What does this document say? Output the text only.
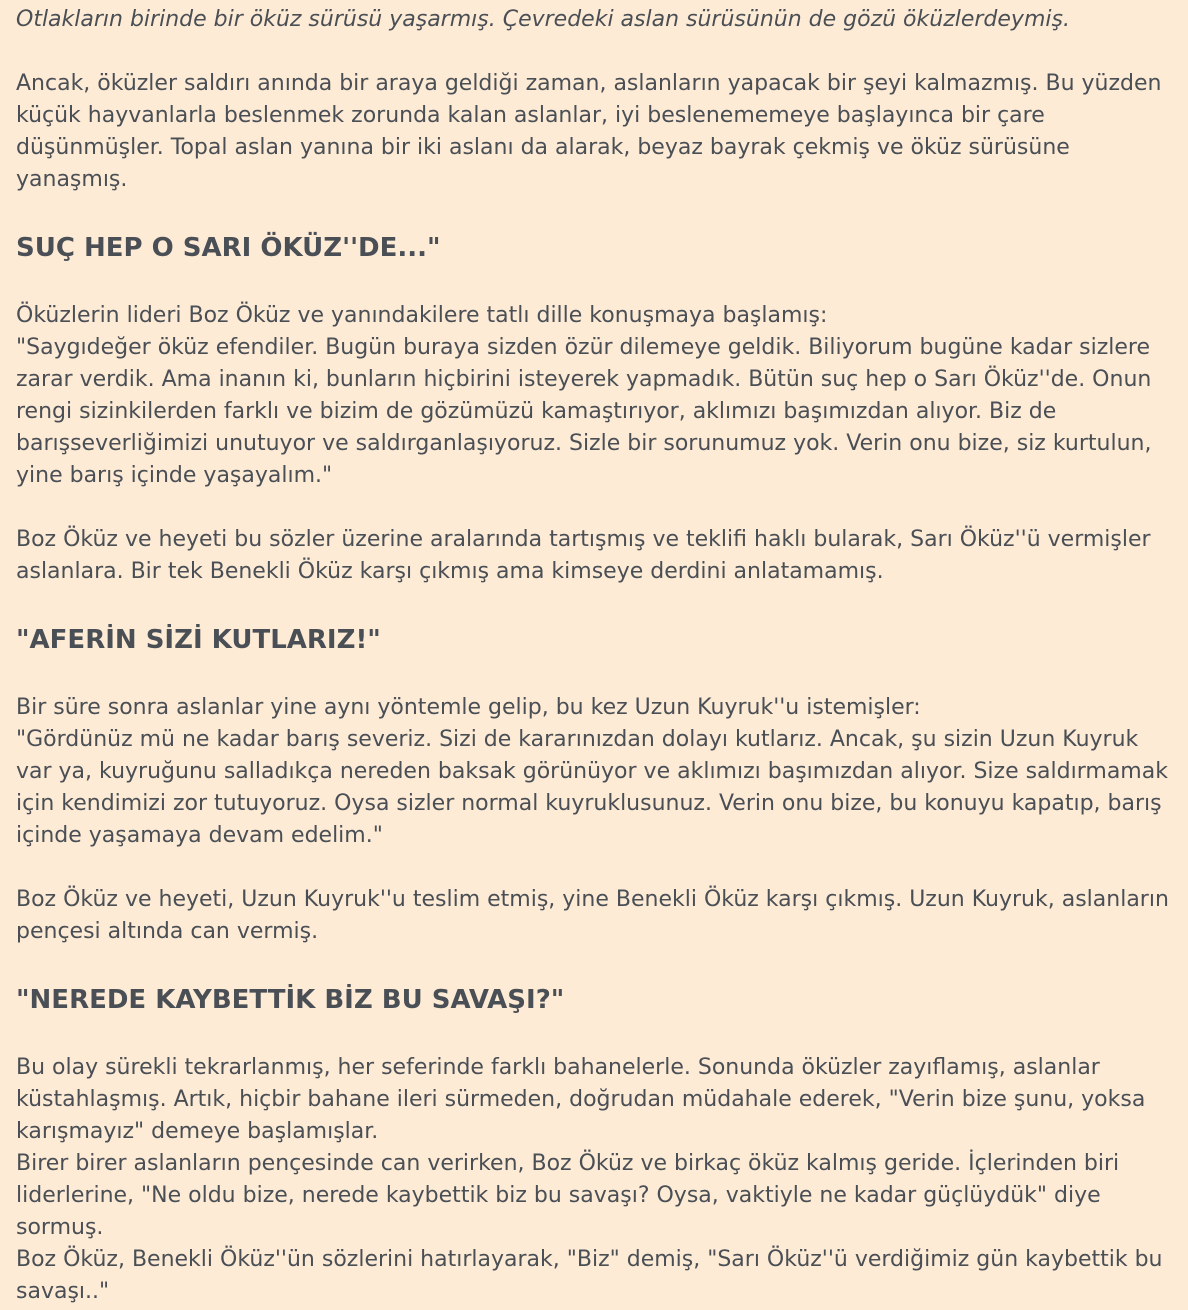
Otlakların birinde bir öküz sürüsü yaşarmış. Çevredeki aslan sürüsünün de gözü öküzlerdeymiş.

Ancak, öküzler saldırı anında bir araya geldiği zaman, aslanların yapacak bir şeyi kalmazmış. Bu yüzden küçük hayvanlarla beslenmek zorunda kalan aslanlar, iyi beslenememeye başlayınca bir çare düşünmüşler. Topal aslan yanına bir iki aslanı da alarak, beyaz bayrak çekmiş ve öküz sürüsüne yanaşmış.

SUÇ HEP O SARI ÖKÜZ''DE..."

Öküzlerin lideri Boz Öküz ve yanındakilere tatlı dille konuşmaya başlamış:
"Saygıdeğer öküz efendiler. Bugün buraya sizden özür dilemeye geldik. Biliyorum bugüne kadar sizlere zarar verdik. Ama inanın ki, bunların hiçbirini isteyerek yapmadık. Bütün suç hep o Sarı Öküz''de. Onun rengi sizinkilerden farklı ve bizim de gözümüzü kamaştırıyor, aklımızı başımızdan alıyor. Biz de barışseverliğimizi unutuyor ve saldırganlaşıyoruz. Sizle bir sorunumuz yok. Verin onu bize, siz kurtulun, yine barış içinde yaşayalım."

Boz Öküz ve heyeti bu sözler üzerine aralarında tartışmış ve teklifi haklı bularak, Sarı Öküz''ü vermişler aslanlara. Bir tek Benekli Öküz karşı çıkmış ama kimseye derdini anlatamamış.

"AFERİN SİZİ KUTLARIZ!"

Bir süre sonra aslanlar yine aynı yöntemle gelip, bu kez Uzun Kuyruk''u istemişler:
"Gördünüz mü ne kadar barış severiz. Sizi de kararınızdan dolayı kutlarız. Ancak, şu sizin Uzun Kuyruk var ya, kuyruğunu salladıkça nereden baksak görünüyor ve aklımızı başımızdan alıyor. Size saldırmamak için kendimizi zor tutuyoruz. Oysa sizler normal kuyruklusunuz. Verin onu bize, bu konuyu kapatıp, barış içinde yaşamaya devam edelim."

Boz Öküz ve heyeti, Uzun Kuyruk''u teslim etmiş, yine Benekli Öküz karşı çıkmış. Uzun Kuyruk, aslanların pençesi altında can vermiş.

"NEREDE KAYBETTİK BİZ BU SAVAŞI?"

Bu olay sürekli tekrarlanmış, her seferinde farklı bahanelerle. Sonunda öküzler zayıflamış, aslanlar küstahlaşmış. Artık, hiçbir bahane ileri sürmeden, doğrudan müdahale ederek, "Verin bize şunu, yoksa karışmayız" demeye başlamışlar.
Birer birer aslanların pençesinde can verirken, Boz Öküz ve birkaç öküz kalmış geride. İçlerinden biri liderlerine, "Ne oldu bize, nerede kaybettik biz bu savaşı? Oysa, vaktiyle ne kadar güçlüydük" diye sormuş.
Boz Öküz, Benekli Öküz''ün sözlerini hatırlayarak, "Biz" demiş, "Sarı Öküz''ü verdiğimiz gün kaybettik bu savaşı.."
